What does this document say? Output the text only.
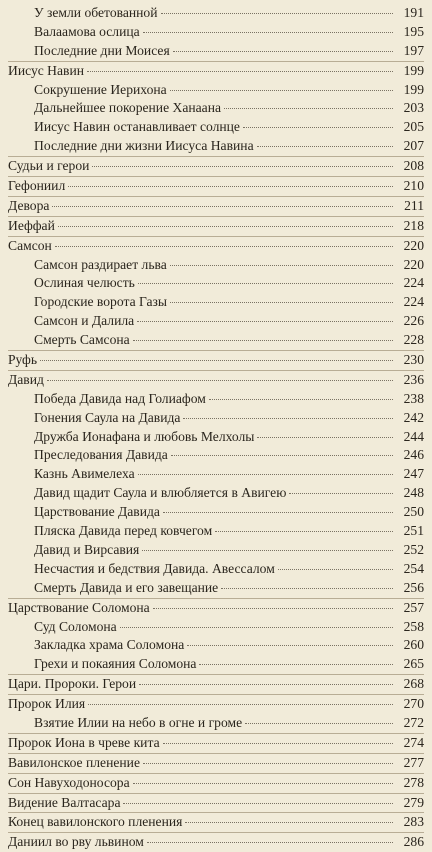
У земли обетованной	191
Валаамова ослица	195
Последние дни Моисея	197
Иисус Навин	199
Сокрушение Иерихона	199
Дальнейшее покорение Ханаана	203
Иисус Навин останавливает солнце	205
Последние дни жизни Иисуса Навина	207
Судьи и герои	208
Гефониил	210
Девора	211
Иеффай	218
Самсон	220
Самсон раздирает льва	220
Ослиная челюсть	224
Городские ворота Газы	224
Самсон и Далила	226
Смерть Самсона	228
Руфь	230
Давид	236
Победа Давида над Голиафом	238
Гонения Саула на Давида	242
Дружба Ионафана и любовь Мелхолы	244
Преследования Давида	246
Казнь Авимелеха	247
Давид щадит Саула и влюбляется в Авигею	248
Царствование Давида	250
Пляска Давида перед ковчегом	251
Давид и Вирсавия	252
Несчастия и бедствия Давида. Авессалом	254
Смерть Давида и его завещание	256
Царствование Соломона	257
Суд Соломона	258
Закладка храма Соломона	260
Грехи и покаяния Соломона	265
Цари. Пророки. Герои	268
Пророк Илия	270
Взятие Илии на небо в огне и громе	272
Пророк Иона в чреве кита	274
Вавилонское пленение	277
Сон Навуходоносора	278
Видение Валтасара	279
Конец вавилонского пленения	283
Даниил во рву львином	286
